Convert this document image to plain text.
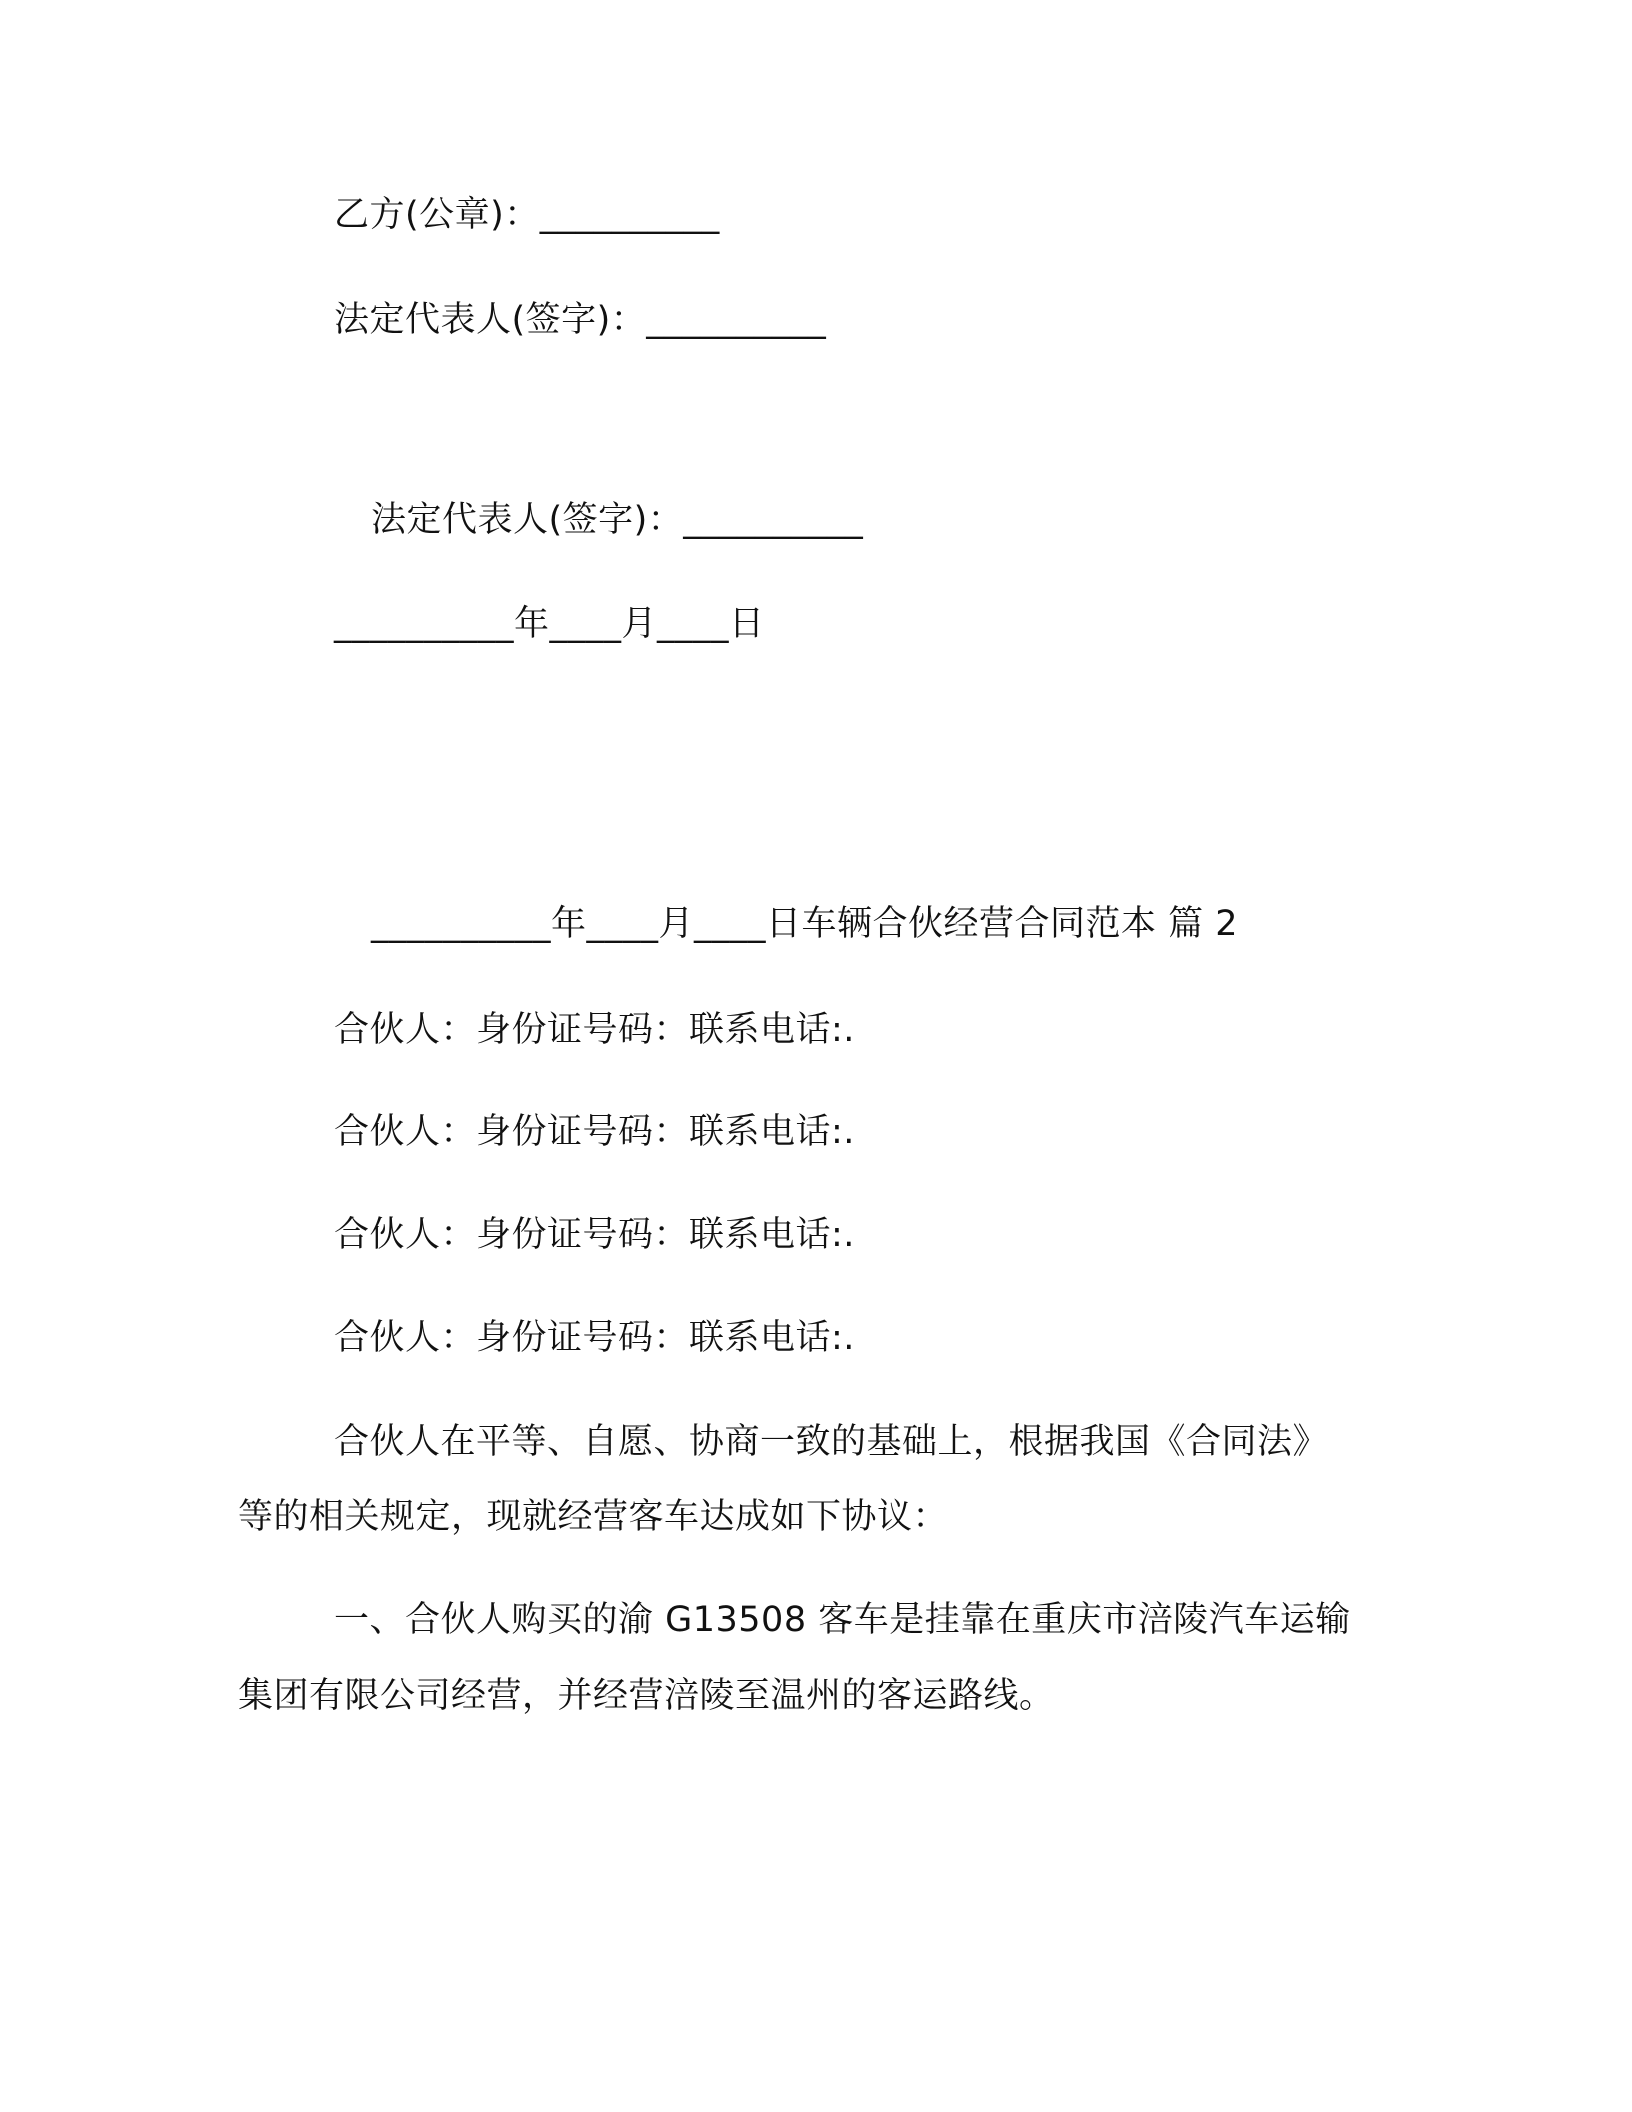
乙方(公章)：__________
法定代表人(签字)：__________
法定代表人(签字)：__________
__________年____月____日
__________年____月____日车辆合伙经营合同范本 篇 2
合伙人：身份证号码：联系电话:.
合伙人：身份证号码：联系电话:.
合伙人：身份证号码：联系电话:.
合伙人：身份证号码：联系电话:.
合伙人在平等、自愿、协商一致的基础上，根据我国《合同法》
等的相关规定，现就经营客车达成如下协议：
一、合伙人购买的渝 G13508 客车是挂靠在重庆市涪陵汽车运输
集团有限公司经营，并经营涪陵至温州的客运路线。
